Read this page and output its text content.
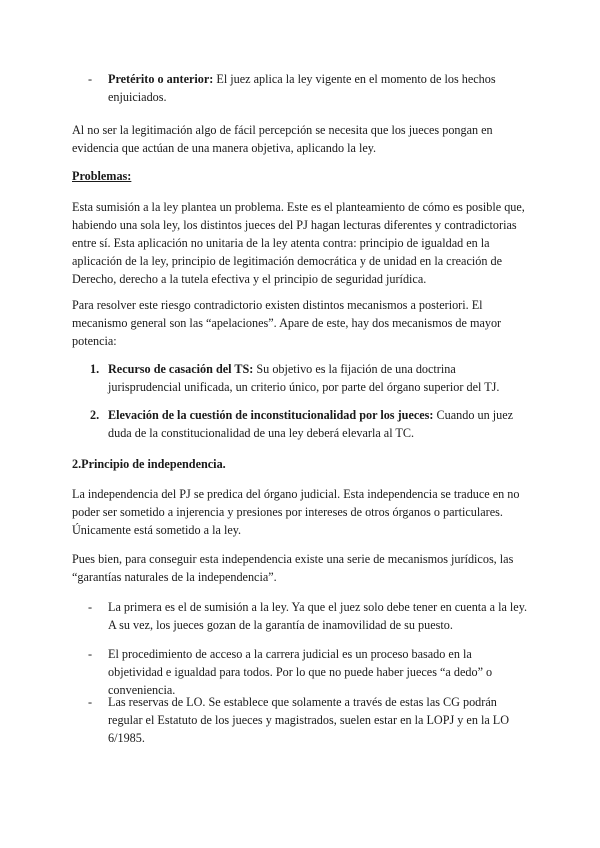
- Pretérito o anterior: El juez aplica la ley vigente en el momento de los hechos enjuiciados.

Al no ser la legitimación algo de fácil percepción se necesita que los jueces pongan en evidencia que actúan de una manera objetiva, aplicando la ley.

Problemas:

Esta sumisión a la ley plantea un problema. Este es el planteamiento de cómo es posible que, habiendo una sola ley, los distintos jueces del PJ hagan lecturas diferentes y contradictorias entre sí. Esta aplicación no unitaria de la ley atenta contra: principio de igualdad en la aplicación de la ley, principio de legitimación democrática y de unidad en la creación de Derecho, derecho a la tutela efectiva y el principio de seguridad jurídica.

Para resolver este riesgo contradictorio existen distintos mecanismos a posteriori. El mecanismo general son las “apelaciones”. Apare de este, hay dos mecanismos de mayor potencia:

1. Recurso de casación del TS: Su objetivo es la fijación de una doctrina jurisprudencial unificada, un criterio único, por parte del órgano superior del TJ.
2. Elevación de la cuestión de inconstitucionalidad por los jueces: Cuando un juez duda de la constitucionalidad de una ley deberá elevarla al TC.

2.Principio de independencia.

La independencia del PJ se predica del órgano judicial. Esta independencia se traduce en no poder ser sometido a injerencia y presiones por intereses de otros órganos o particulares. Únicamente está sometido a la ley.

Pues bien, para conseguir esta independencia existe una serie de mecanismos jurídicos, las “garantías naturales de la independencia”.

- La primera es el de sumisión a la ley. Ya que el juez solo debe tener en cuenta a la ley. A su vez, los jueces gozan de la garantía de inamovilidad de su puesto.
- El procedimiento de acceso a la carrera judicial es un proceso basado en la objetividad e igualdad para todos. Por lo que no puede haber jueces “a dedo” o conveniencia.
- Las reservas de LO. Se establece que solamente a través de estas las CG podrán regular el Estatuto de los jueces y magistrados, suelen estar en la LOPJ y en la LO 6/1985.
